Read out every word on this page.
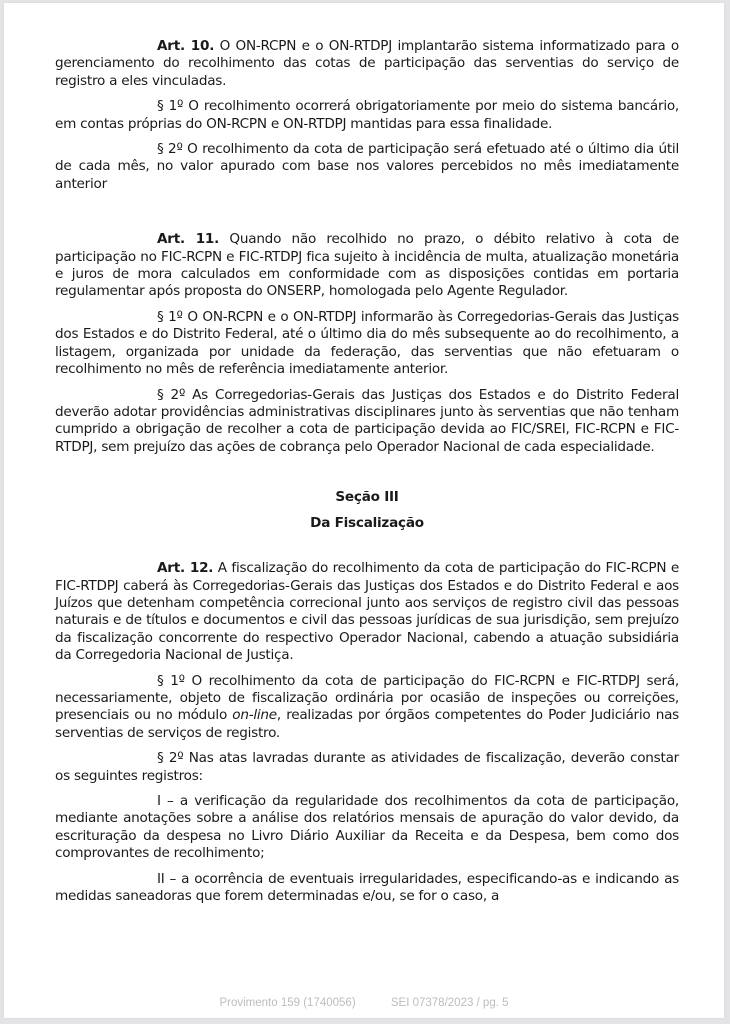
Art. 10. O ON-RCPN e o ON-RTDPJ implantarão sistema informatizado para o gerenciamento do recolhimento das cotas de participação das serventias do serviço de registro a eles vinculadas.

§ 1º O recolhimento ocorrerá obrigatoriamente por meio do sistema bancário, em contas próprias do ON-RCPN e ON-RTDPJ mantidas para essa finalidade.

§ 2º O recolhimento da cota de participação será efetuado até o último dia útil de cada mês, no valor apurado com base nos valores percebidos no mês imediatamente anterior

Art. 11. Quando não recolhido no prazo, o débito relativo à cota de participação no FIC-RCPN e FIC-RTDPJ fica sujeito à incidência de multa, atualização monetária e juros de mora calculados em conformidade com as disposições contidas em portaria regulamentar após proposta do ONSERP, homologada pelo Agente Regulador.

§ 1º O ON-RCPN e o ON-RTDPJ informarão às Corregedorias-Gerais das Justiças dos Estados e do Distrito Federal, até o último dia do mês subsequente ao do recolhimento, a listagem, organizada por unidade da federação, das serventias que não efetuaram o recolhimento no mês de referência imediatamente anterior.

§ 2º As Corregedorias-Gerais das Justiças dos Estados e do Distrito Federal deverão adotar providências administrativas disciplinares junto às serventias que não tenham cumprido a obrigação de recolher a cota de participação devida ao FIC/SREI, FIC-RCPN e FIC-RTDPJ, sem prejuízo das ações de cobrança pelo Operador Nacional de cada especialidade.

Seção III

Da Fiscalização

Art. 12. A fiscalização do recolhimento da cota de participação do FIC-RCPN e FIC-RTDPJ caberá às Corregedorias-Gerais das Justiças dos Estados e do Distrito Federal e aos Juízos que detenham competência correcional junto aos serviços de registro civil das pessoas naturais e de títulos e documentos e civil das pessoas jurídicas de sua jurisdição, sem prejuízo da fiscalização concorrente do respectivo Operador Nacional, cabendo a atuação subsidiária da Corregedoria Nacional de Justiça.

§ 1º O recolhimento da cota de participação do FIC-RCPN e FIC-RTDPJ será, necessariamente, objeto de fiscalização ordinária por ocasião de inspeções ou correições, presenciais ou no módulo on-line, realizadas por órgãos competentes do Poder Judiciário nas serventias de serviços de registro.

§ 2º Nas atas lavradas durante as atividades de fiscalização, deverão constar os seguintes registros:

I – a verificação da regularidade dos recolhimentos da cota de participação, mediante anotações sobre a análise dos relatórios mensais de apuração do valor devido, da escrituração da despesa no Livro Diário Auxiliar da Receita e da Despesa, bem como dos comprovantes de recolhimento;

II – a ocorrência de eventuais irregularidades, especificando-as e indicando as medidas saneadoras que forem determinadas e/ou, se for o caso, a

Provimento 159 (1740056)	SEI 07378/2023 / pg. 5
